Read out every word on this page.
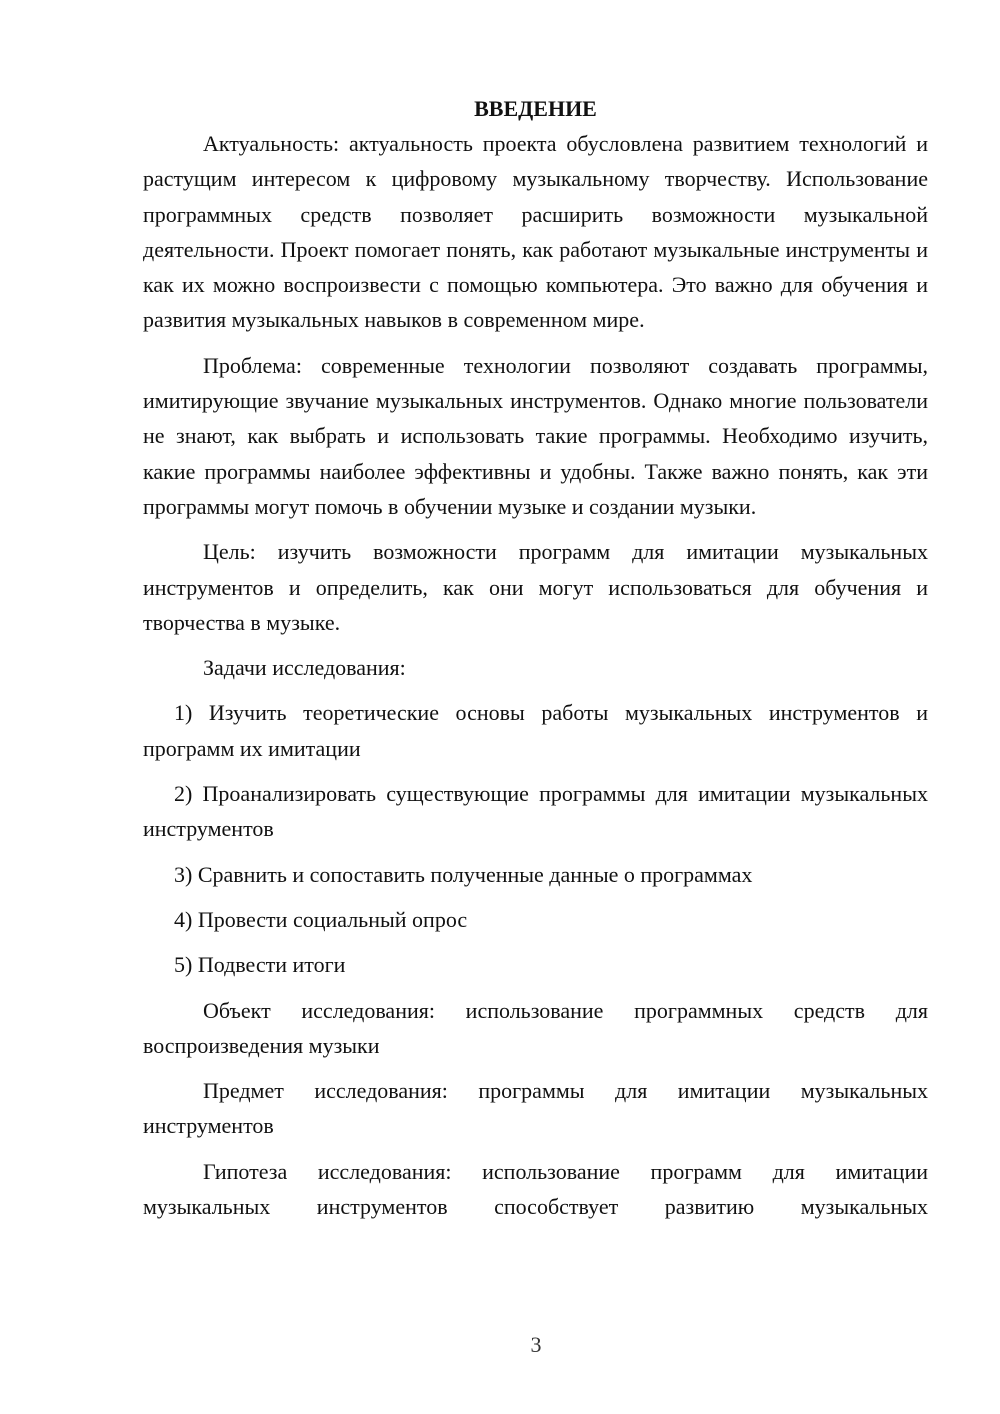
ВВЕДЕНИЕ

Актуальность: актуальность проекта обусловлена развитием технологий и растущим интересом к цифровому музыкальному творчеству. Использование программных средств позволяет расширить возможности музыкальной деятельности. Проект помогает понять, как работают музыкальные инструменты и как их можно воспроизвести с помощью компьютера. Это важно для обучения и развития музыкальных навыков в современном мире.

Проблема: современные технологии позволяют создавать программы, имитирующие звучание музыкальных инструментов. Однако многие пользователи не знают, как выбрать и использовать такие программы. Необходимо изучить, какие программы наиболее эффективны и удобны. Также важно понять, как эти программы могут помочь в обучении музыке и создании музыки.

Цель: изучить возможности программ для имитации музыкальных инструментов и определить, как они могут использоваться для обучения и творчества в музыке.

Задачи исследования:

1) Изучить теоретические основы работы музыкальных инструментов и программ их имитации

2) Проанализировать существующие программы для имитации музыкальных инструментов

3) Сравнить и сопоставить полученные данные о программах

4) Провести социальный опрос

5) Подвести итоги

Объект исследования: использование программных средств для воспроизведения музыки

Предмет исследования: программы для имитации музыкальных инструментов

Гипотеза исследования: использование программ для имитации музыкальных инструментов способствует развитию музыкальных

3
